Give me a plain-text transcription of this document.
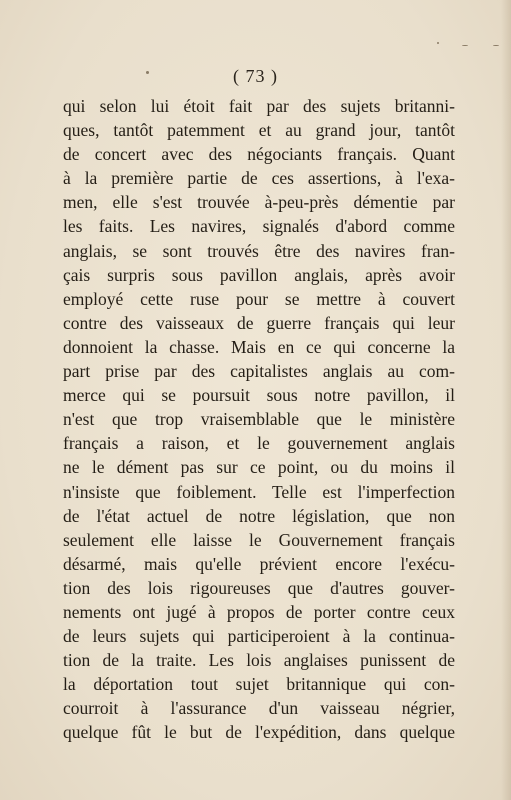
( 73 )
qui selon lui étoit fait par des sujets britanni-
ques, tantôt patemment et au grand jour, tantôt
de concert avec des négociants français. Quant
à la première partie de ces assertions, à l'exa-
men, elle s'est trouvée à-peu-près démentie par
les faits. Les navires, signalés d'abord comme
anglais, se sont trouvés être des navires fran-
çais surpris sous pavillon anglais, après avoir
employé cette ruse pour se mettre à couvert
contre des vaisseaux de guerre français qui leur
donnoient la chasse. Mais en ce qui concerne la
part prise par des capitalistes anglais au com-
merce qui se poursuit sous notre pavillon, il
n'est que trop vraisemblable que le ministère
français a raison, et le gouvernement anglais
ne le dément pas sur ce point, ou du moins il
n'insiste que foiblement. Telle est l'imperfection
de l'état actuel de notre législation, que non
seulement elle laisse le Gouvernement français
désarmé, mais qu'elle prévient encore l'exécu-
tion des lois rigoureuses que d'autres gouver-
nements ont jugé à propos de porter contre ceux
de leurs sujets qui participeroient à la continua-
tion de la traite. Les lois anglaises punissent de
la déportation tout sujet britannique qui con-
courroit à l'assurance d'un vaisseau négrier,
quelque fût le but de l'expédition, dans quelque
